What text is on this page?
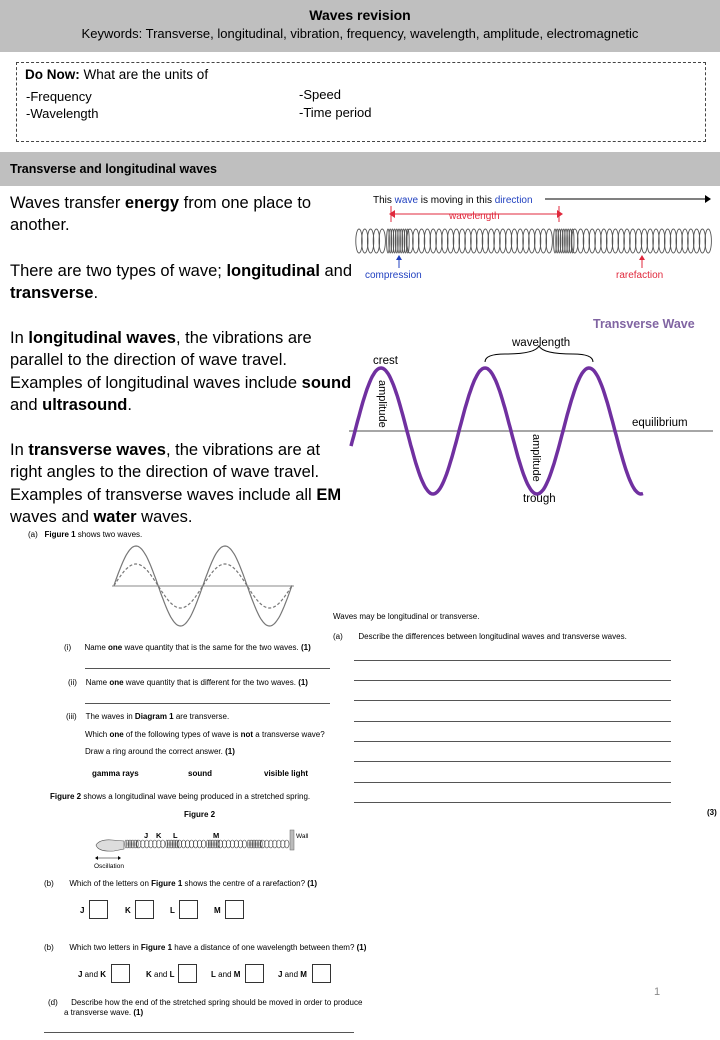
Waves revision
Keywords: Transverse, longitudinal, vibration, frequency, wavelength, amplitude, electromagnetic
Do Now: What are the units of
-Frequency
-Wavelength
-Speed
-Time period
Transverse and longitudinal waves
Waves transfer energy from one place to another.
There are two types of wave; longitudinal and transverse.
In longitudinal waves, the vibrations are parallel to the direction of wave travel. Examples of longitudinal waves include sound and ultrasound.
In transverse waves, the vibrations are at right angles to the direction of wave travel. Examples of transverse waves include all EM waves and water waves.
This wave is moving in this direction
wavelength
compression	rarefaction
Transverse Wave
wavelength
crest
equilibrium
amplitude
amplitude
trough
(a) Figure 1 shows two waves.
(i) Name one wave quantity that is the same for the two waves. (1)
(ii) Name one wave quantity that is different for the two waves. (1)
(iii) The waves in Diagram 1 are transverse.
Which one of the following types of wave is not a transverse wave?
Draw a ring around the correct answer. (1)
gamma rays	sound	visible light
Figure 2 shows a longitudinal wave being produced in a stretched spring.
Figure 2
J K L	M	Wall
Oscillation
(b) Which of the letters on Figure 1 shows the centre of a rarefaction? (1)
J	K	L	M
(b) Which two letters in Figure 1 have a distance of one wavelength between them? (1)
J and K	K and L	L and M	J and M
(d) Describe how the end of the stretched spring should be moved in order to produce
a transverse wave. (1)
Waves may be longitudinal or transverse.
(a) Describe the differences between longitudinal waves and transverse waves.
(3)
1
